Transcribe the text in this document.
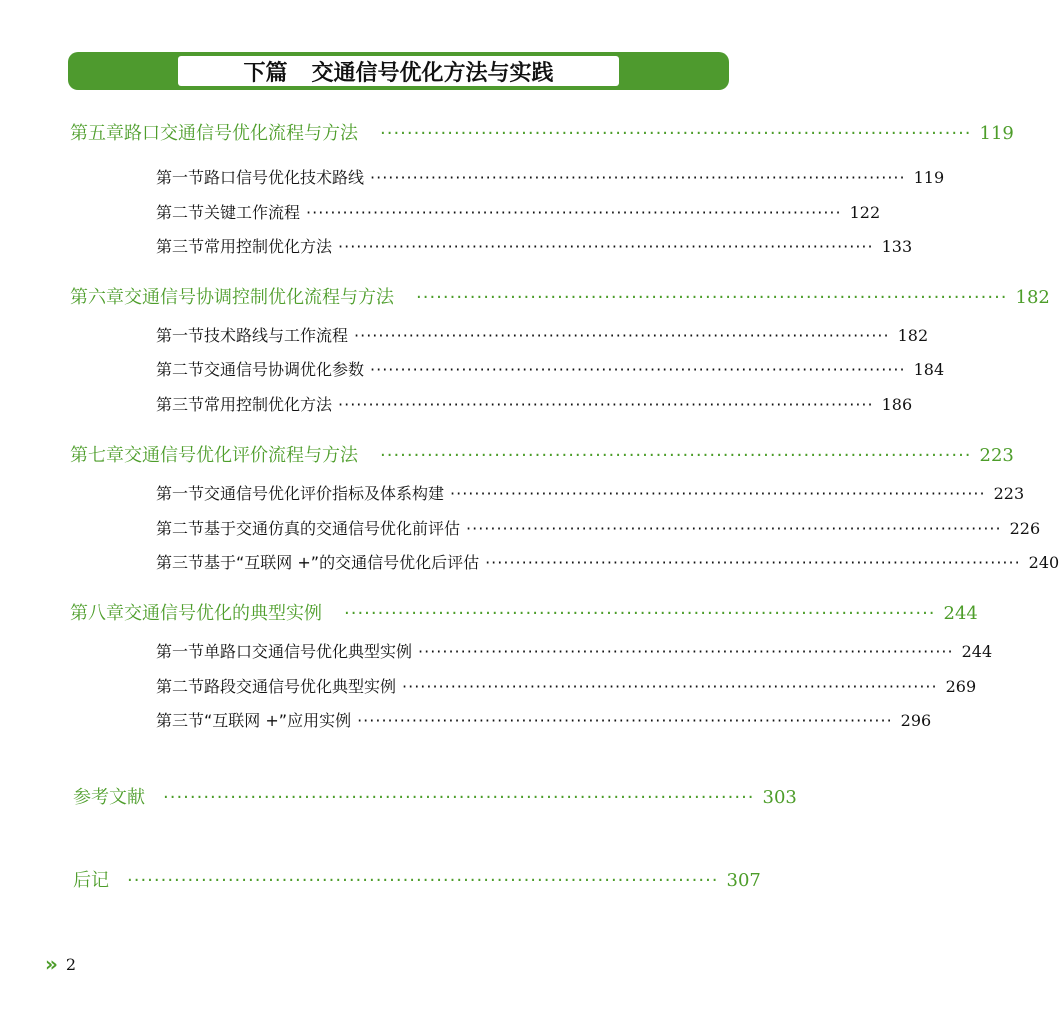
下篇 交通信号优化方法与实践
第五章 路口交通信号优化流程与方法 ························································································ 119
第一节 路口信号优化技术路线 ························································································ 119
第二节 关键工作流程 ························································································ 122
第三节 常用控制优化方法 ························································································ 133
第六章 交通信号协调控制优化流程与方法 ························································································ 182
第一节 技术路线与工作流程 ························································································ 182
第二节 交通信号协调优化参数 ························································································ 184
第三节 常用控制优化方法 ························································································ 186
第七章 交通信号优化评价流程与方法 ························································································ 223
第一节 交通信号优化评价指标及体系构建 ························································································ 223
第二节 基于交通仿真的交通信号优化前评估 ························································································ 226
第三节 基于“互联网 +”的交通信号优化后评估 ························································································ 240
第八章 交通信号优化的典型实例 ························································································ 244
第一节 单路口交通信号优化典型实例 ························································································ 244
第二节 路段交通信号优化典型实例 ························································································ 269
第三节 “互联网 +”应用实例 ························································································ 296
参考文献 ························································································ 303
后记 ························································································ 307
» 2
